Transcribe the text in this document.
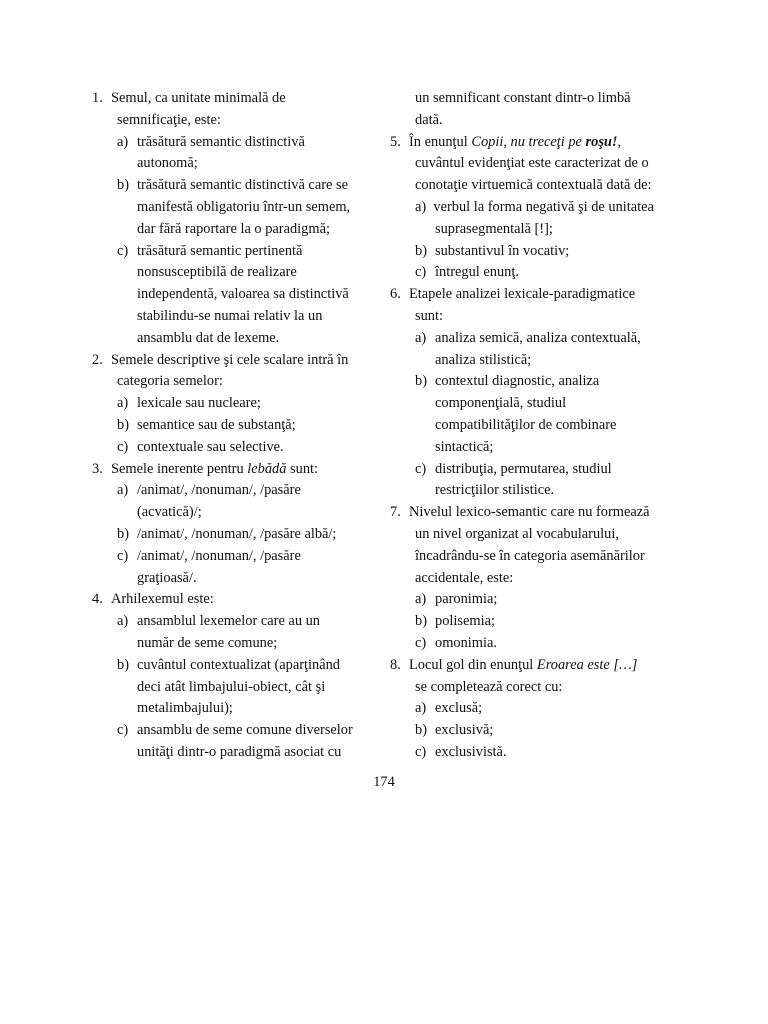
1. Semul, ca unitate minimală de
semnificaţie, este:
a) trăsătură semantic distinctivă
autonomă;
b) trăsătură semantic distinctivă care se
manifestă obligatoriu într-un semem,
dar fără raportare la o paradigmă;
c) trăsătură semantic pertinentă
nonsusceptibilă de realizare
independentă, valoarea sa distinctivă
stabilindu-se numai relativ la un
ansamblu dat de lexeme.
2. Semele descriptive şi cele scalare intră în
categoria semelor:
a) lexicale sau nucleare;
b) semantice sau de substanţă;
c) contextuale sau selective.
3. Semele inerente pentru lebădă sunt:
a) /animat/, /nonuman/, /pasăre
(acvatică)/;
b) /animat/, /nonuman/, /pasăre albă/;
c) /animat/, /nonuman/, /pasăre
graţioasă/.
4. Arhilexemul este:
a) ansamblul lexemelor care au un
număr de seme comune;
b) cuvântul contextualizat (aparţinând
deci atât limbajului-obiect, cât şi
metalimbajului);
c) ansamblu de seme comune diverselor
unităţi dintr-o paradigmă asociat cu
un semnificant constant dintr-o limbă
dată.
5. În enunţul Copii, nu treceţi pe roşu!,
cuvântul evidenţiat este caracterizat de o
conotaţie virtuemică contextuală dată de:
a) verbul la forma negativă şi de unitatea
suprasegmentală [!];
b) substantivul în vocativ;
c) întregul enunţ.
6. Etapele analizei lexicale-paradigmatice
sunt:
a) analiza semică, analiza contextuală,
analiza stilistică;
b) contextul diagnostic, analiza
componenţială, studiul
compatibilităţilor de combinare
sintactică;
c) distribuţia, permutarea, studiul
restricţiilor stilistice.
7. Nivelul lexico-semantic care nu formează
un nivel organizat al vocabularului,
încadrându-se în categoria asemănărilor
accidentale, este:
a) paronimia;
b) polisemia;
c) omonimia.
8. Locul gol din enunţul Eroarea este […]
se completează corect cu:
a) exclusă;
b) exclusivă;
c) exclusivistă.
174
